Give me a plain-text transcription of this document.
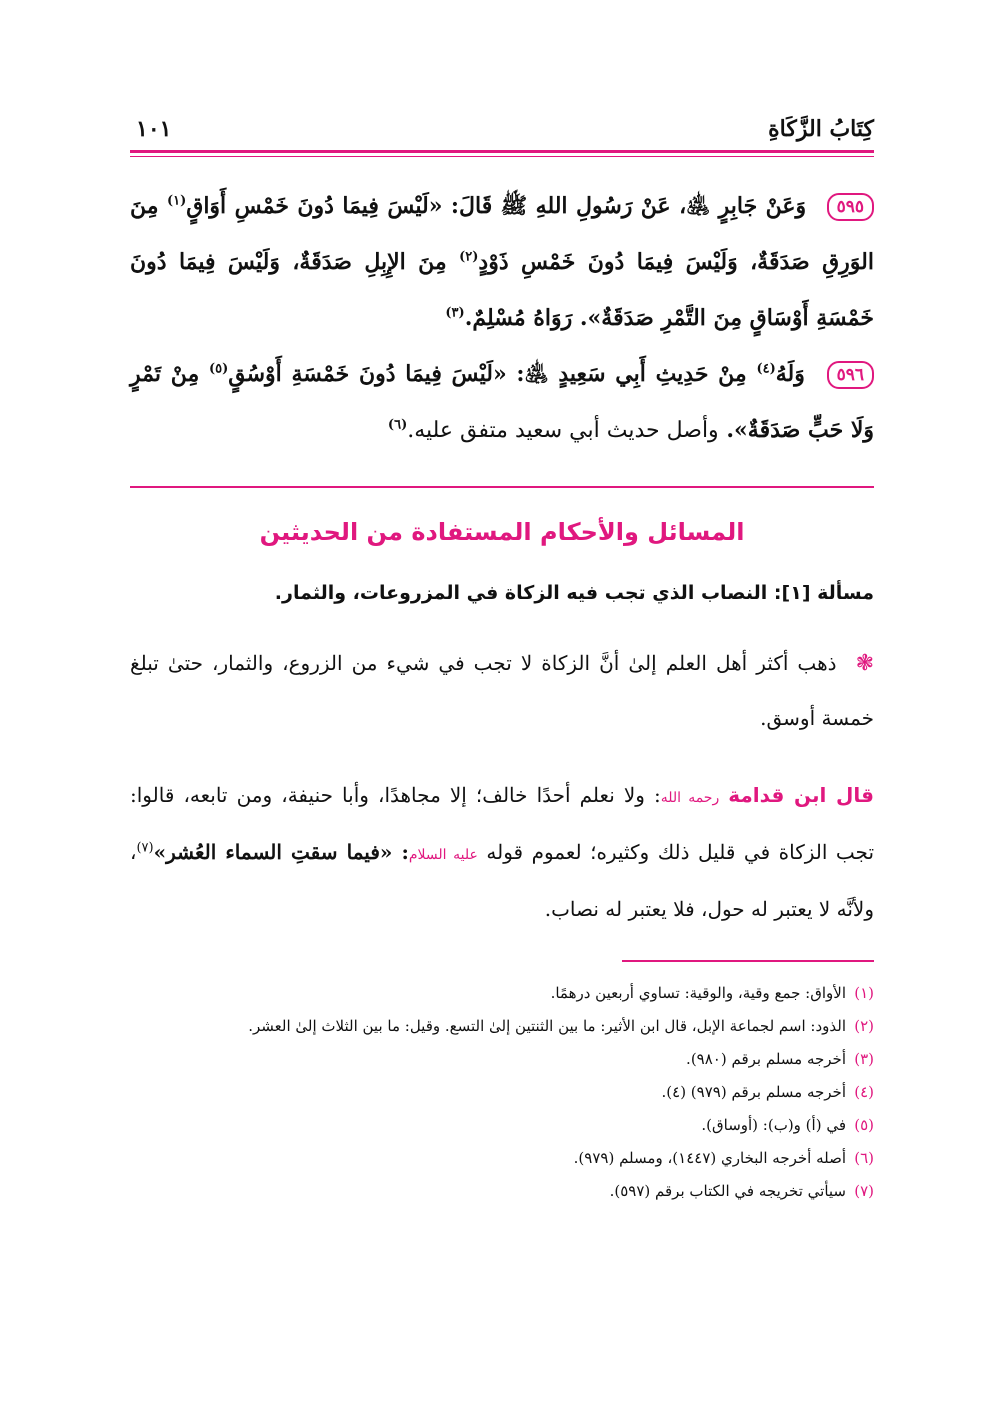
كِتَابُ الزَّكَاةِ
١٠١

٥٩٥ وَعَنْ جَابِرٍ ﵁، عَنْ رَسُولِ اللهِ ﷺ قَالَ: «لَيْسَ فِيمَا دُونَ خَمْسِ أَوَاقٍ$^{(١)}$ مِنَ الوَرِقِ صَدَقَةٌ، وَلَيْسَ فِيمَا دُونَ خَمْسِ ذَوْدٍ$^{(٢)}$ مِنَ الإِبِلِ صَدَقَةٌ، وَلَيْسَ فِيمَا دُونَ خَمْسَةِ أَوْسَاقٍ مِنَ التَّمْرِ صَدَقَةٌ». رَوَاهُ مُسْلِمٌ.$^{(٣)}$

٥٩٦ وَلَهُ$^{(٤)}$ مِنْ حَدِيثِ أَبِي سَعِيدٍ ﵁: «لَيْسَ فِيمَا دُونَ خَمْسَةِ أَوْسُقٍ$^{(٥)}$ مِنْ تَمْرٍ وَلَا حَبٍّ صَدَقَةٌ». وأصل حديث أبي سعيد متفق عليه.$^{(٦)}$

المسائل والأحكام المستفادة من الحديثين
مسألة [١]: النصاب الذي تجب فيه الزكاة في المزروعات، والثمار.

❃ ذهب أكثر أهل العلم إلىٰ أنَّ الزكاة لا تجب في شيء من الزروع، والثمار، حتىٰ تبلغ خمسة أوسق.

قال ابن قدامة رحمه الله: ولا نعلم أحدًا خالف؛ إلا مجاهدًا، وأبا حنيفة، ومن تابعه، قالوا: تجب الزكاة في قليل ذلك وكثيره؛ لعموم قوله عليه السلام: «فيما سقتِ السماء العُشر»$^{(٧)}$، ولأنَّه لا يعتبر له حول، فلا يعتبر له نصاب.

(١)
الأواق: جمع وقية، والوقية: تساوي أربعين درهمًا.
(٢)
الذود: اسم لجماعة الإبل، قال ابن الأثير: ما بين الثنتين إلىٰ التسع. وقيل: ما بين الثلاث إلىٰ العشر.
(٣)
أخرجه مسلم برقم (٩٨٠).
(٤)
أخرجه مسلم برقم (٩٧٩) (٤).
(٥)
في (أ) و(ب): (أوساق).
(٦)
أصله أخرجه البخاري (١٤٤٧)، ومسلم (٩٧٩).
(٧)
سيأتي تخريجه في الكتاب برقم (٥٩٧).
